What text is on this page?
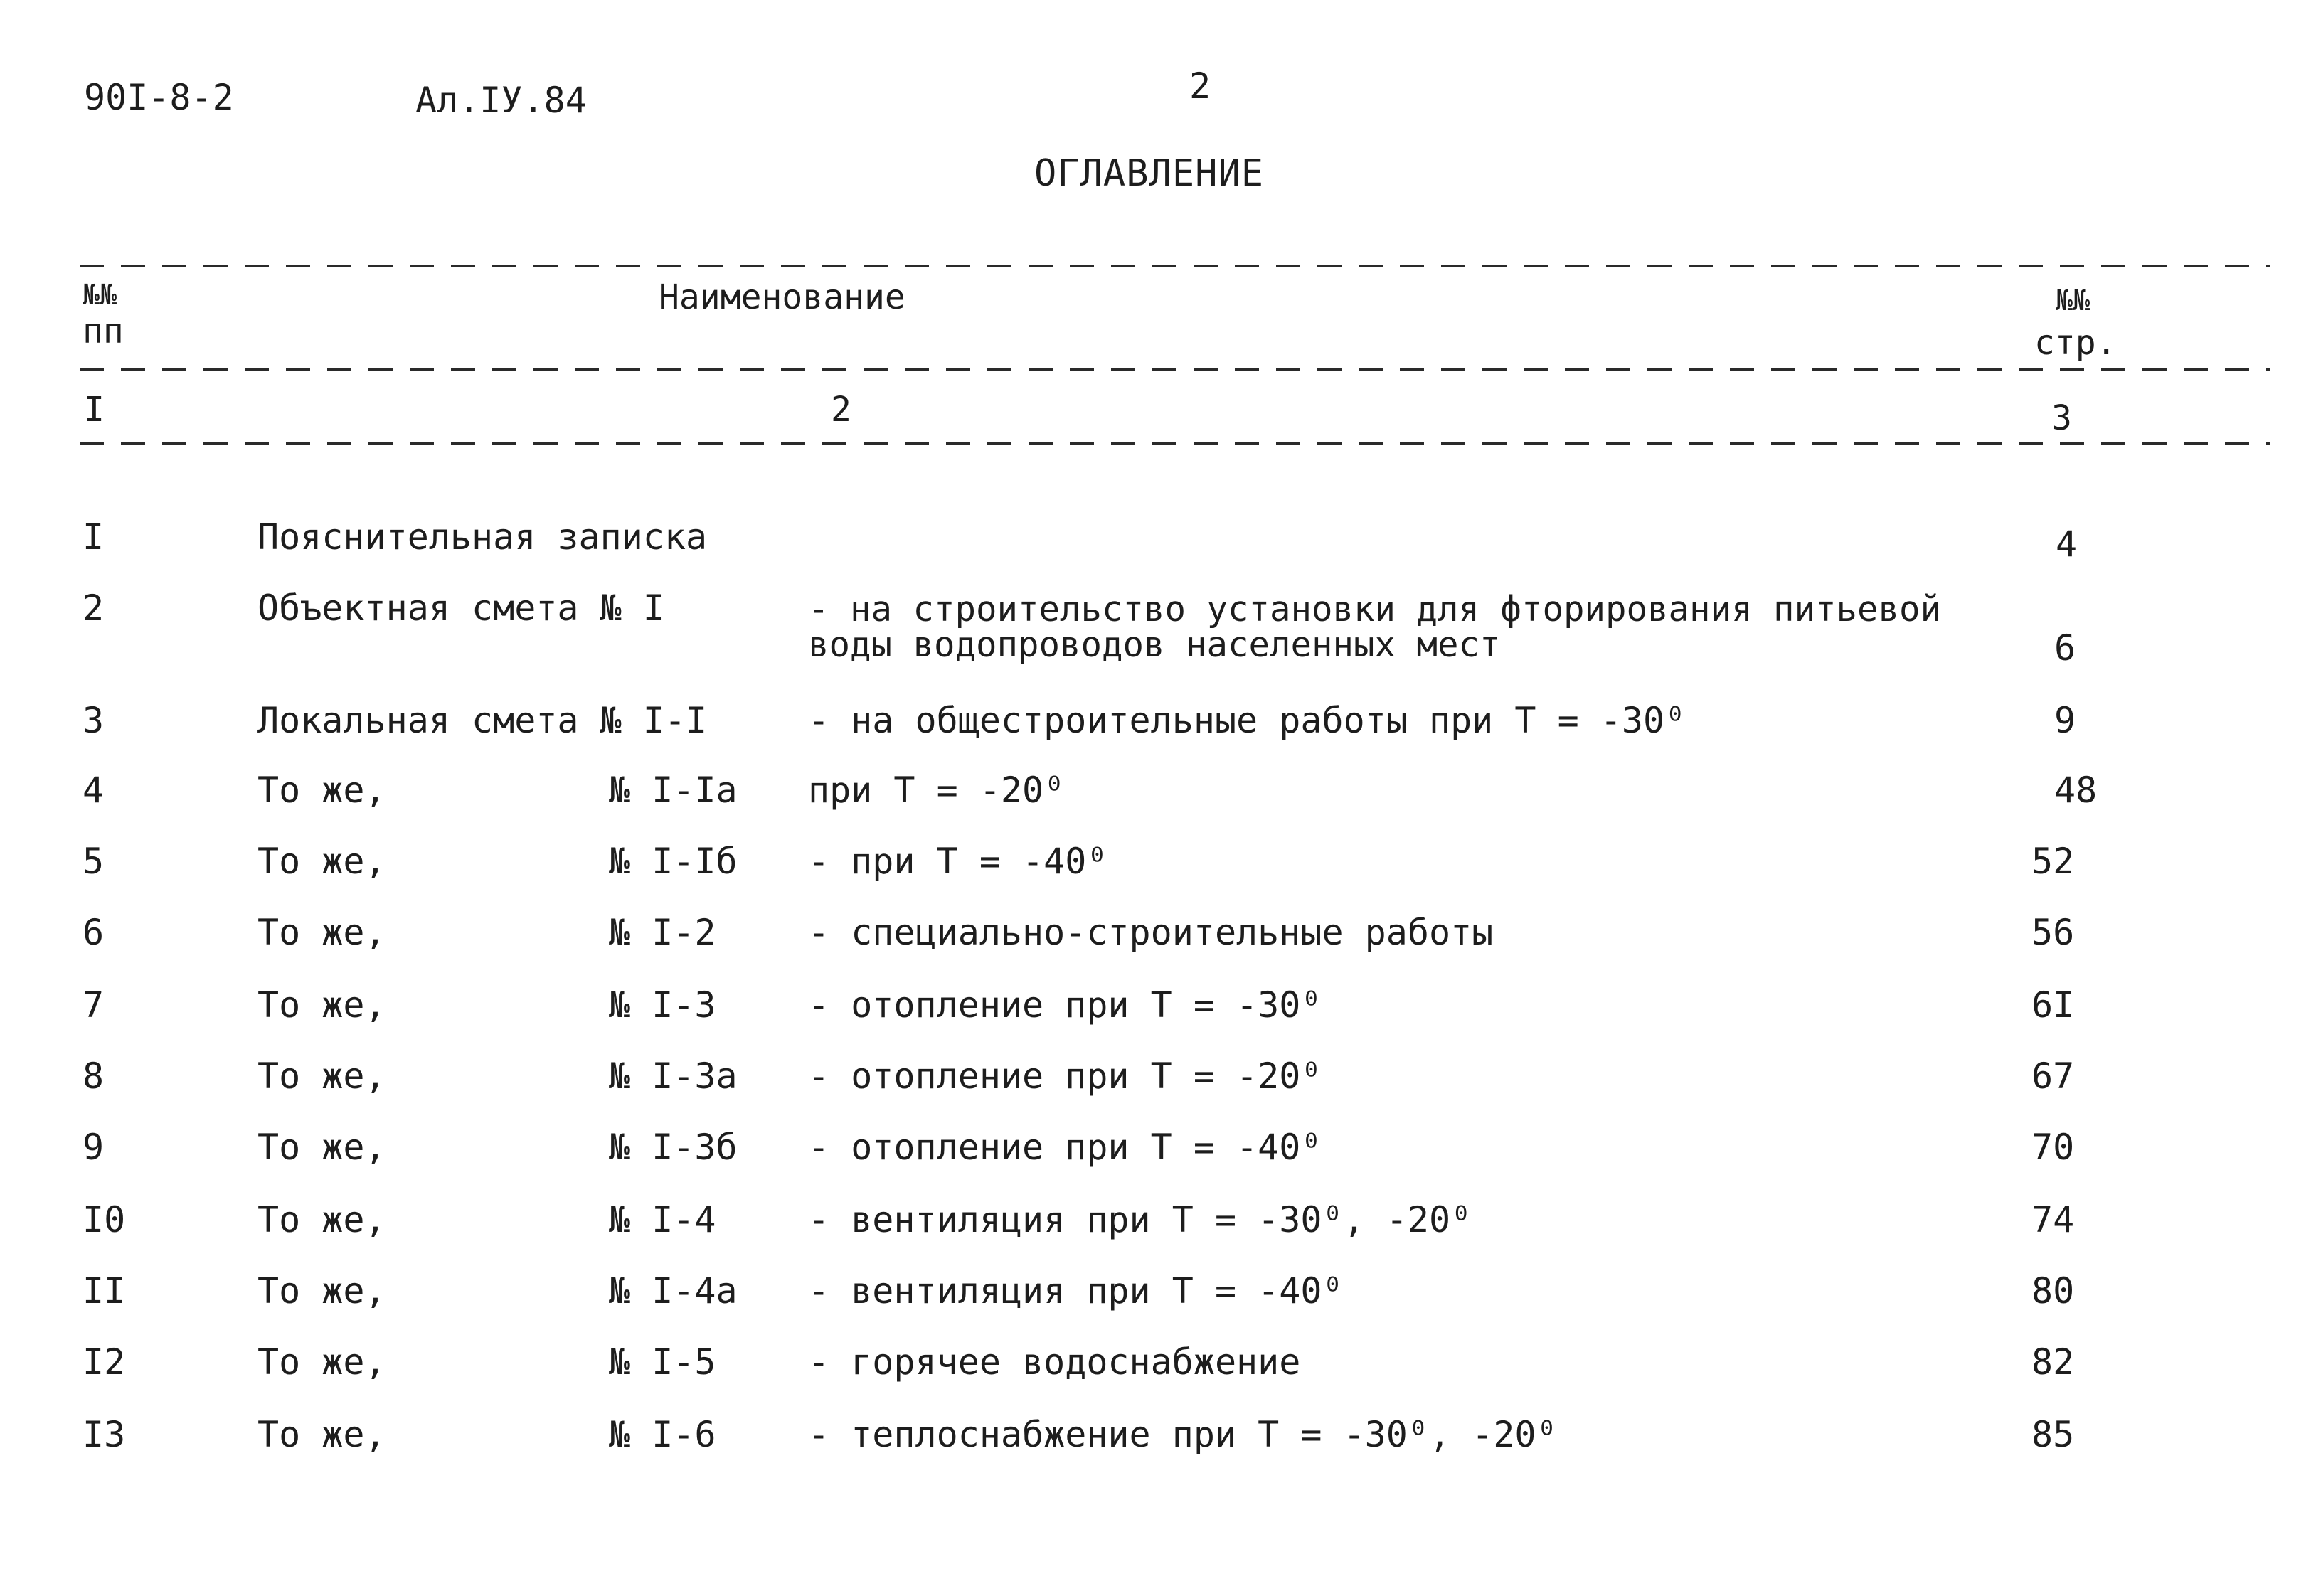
90I-8-2	Ал.IУ.84	2
ОГЛАВЛЕНИЕ
№№
пп
Наименование	№№
стр.
I	2	3
I	Пояснительная записка	4
2	Объектная смета № I	- на строительство установки для фторирования питьевой воды водопроводов населенных мест	6
3	Локальная смета № I-I	- на общестроительные работы при Т = -30⁰	9
4	То же,	№ I-Iа при Т = -20⁰	48
5	То же,	№ I-Iб - при Т = -40⁰	52
6	То же,	№ I-2	- специально-строительные работы	56
7	То же,	№ I-3	- отопление при Т = -30⁰	6I
8	То же,	№ I-3а - отопление при Т = -20⁰	67
9	То же,	№ I-3б - отопление при Т = -40⁰	70
I0	То же,	№ I-4	- вентиляция при Т = -30⁰, -20⁰	74
II	То же,	№ I-4а - вентиляция при Т = -40⁰	80
I2	То же,	№ I-5	- горячее водоснабжение	82
I3	То же,	№ I-6	- теплоснабжение при Т = -30⁰, -20⁰	85
